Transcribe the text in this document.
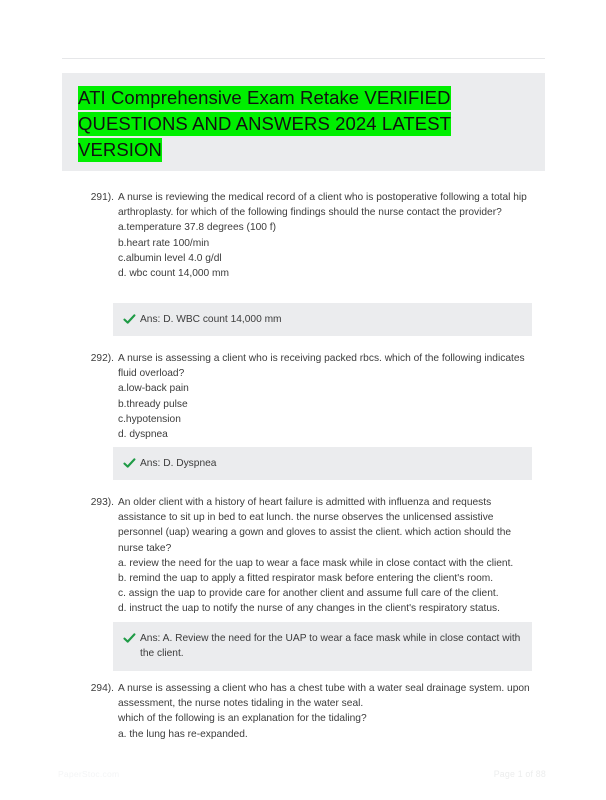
ATI Comprehensive Exam Retake VERIFIED
QUESTIONS AND ANSWERS 2024 LATEST
VERSION
291). A nurse is reviewing the medical record of a client who is postoperative following a total hip arthroplasty. for which of the following findings should the nurse contact the provider?
a.temperature 37.8 degrees (100 f)
b.heart rate 100/min
c.albumin level 4.0 g/dl
d. wbc count 14,000 mm
Ans: D. WBC count 14,000 mm
292). A nurse is assessing a client who is receiving packed rbcs. which of the following indicates fluid overload?
a.low-back pain
b.thready pulse
c.hypotension
d. dyspnea
Ans: D. Dyspnea
293). An older client with a history of heart failure is admitted with influenza and requests assistance to sit up in bed to eat lunch. the nurse observes the unlicensed assistive personnel (uap) wearing a gown and gloves to assist the client. which action should the nurse take?
a. review the need for the uap to wear a face mask while in close contact with the client.
b. remind the uap to apply a fitted respirator mask before entering the client's room.
c. assign the uap to provide care for another client and assume full care of the client.
d. instruct the uap to notify the nurse of any changes in the client's respiratory status.
Ans: A. Review the need for the UAP to wear a face mask while in close contact with the client.
294). A nurse is assessing a client who has a chest tube with a water seal drainage system. upon assessment, the nurse notes tidaling in the water seal.
which of the following is an explanation for the tidaling?
a. the lung has re-expanded.
PaperStoc.com	Page 1 of 88
